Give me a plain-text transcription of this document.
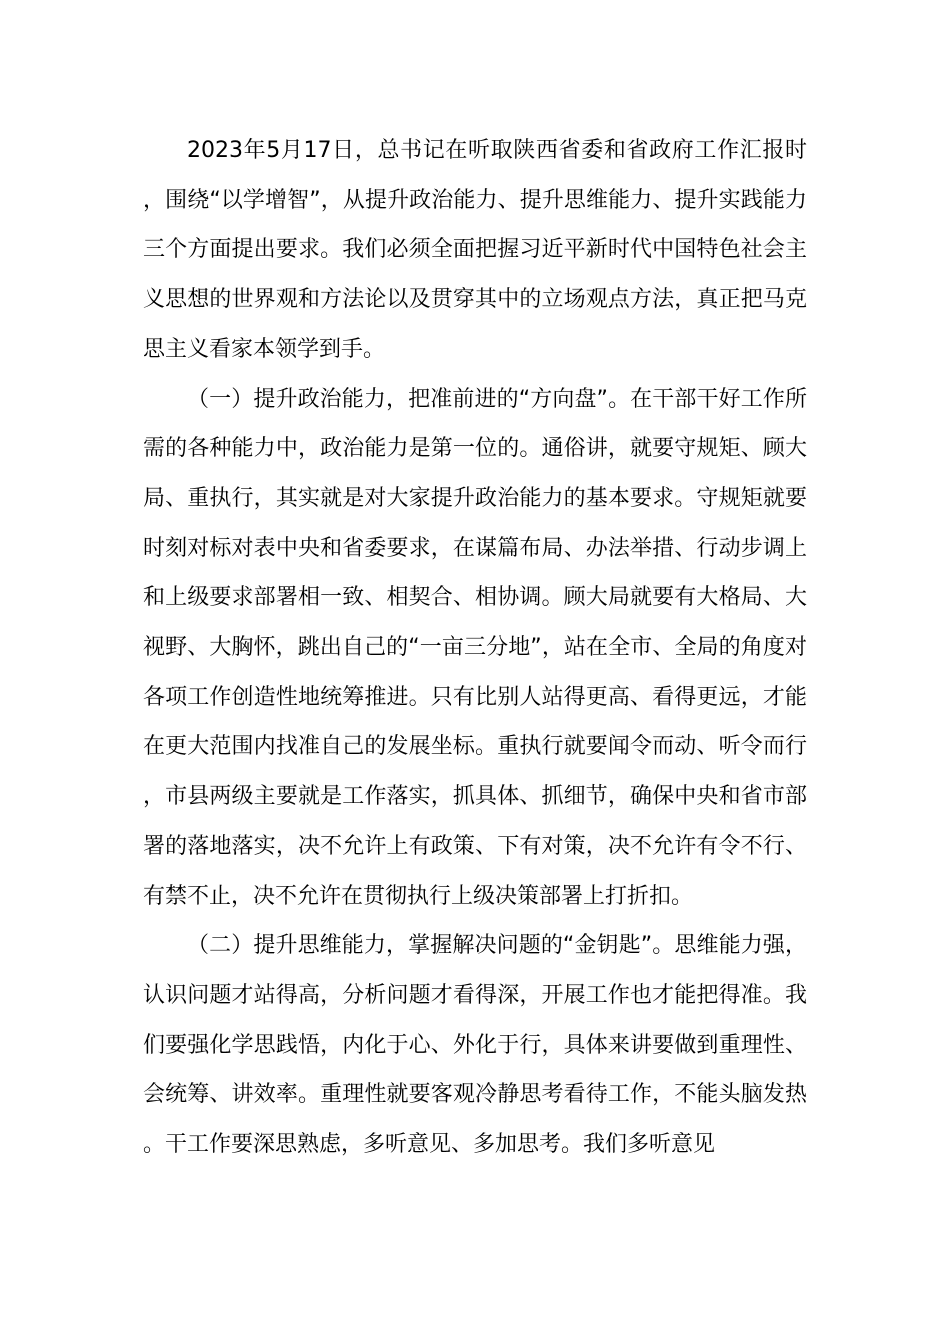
2023年5月17日，总书记在听取陕西省委和省政府工作汇报时，围绕“以学增智”，从提升政治能力、提升思维能力、提升实践能力三个方面提出要求。我们必须全面把握习近平新时代中国特色社会主义思想的世界观和方法论以及贯穿其中的立场观点方法，真正把马克思主义看家本领学到手。

（一）提升政治能力，把准前进的“方向盘”。在干部干好工作所需的各种能力中，政治能力是第一位的。通俗讲，就要守规矩、顾大局、重执行，其实就是对大家提升政治能力的基本要求。守规矩就要时刻对标对表中央和省委要求，在谋篇布局、办法举措、行动步调上和上级要求部署相一致、相契合、相协调。顾大局就要有大格局、大视野、大胸怀，跳出自己的“一亩三分地”，站在全市、全局的角度对各项工作创造性地统筹推进。只有比别人站得更高、看得更远，才能在更大范围内找准自己的发展坐标。重执行就要闻令而动、听令而行，市县两级主要就是工作落实，抓具体、抓细节，确保中央和省市部署的落地落实，决不允许上有政策、下有对策，决不允许有令不行、有禁不止，决不允许在贯彻执行上级决策部署上打折扣。

（二）提升思维能力，掌握解决问题的“金钥匙”。思维能力强，认识问题才站得高，分析问题才看得深，开展工作也才能把得准。我们要强化学思践悟，内化于心、外化于行，具体来讲要做到重理性、会统筹、讲效率。重理性就要客观冷静思考看待工作，不能头脑发热。干工作要深思熟虑，多听意见、多加思考。我们多听意见
